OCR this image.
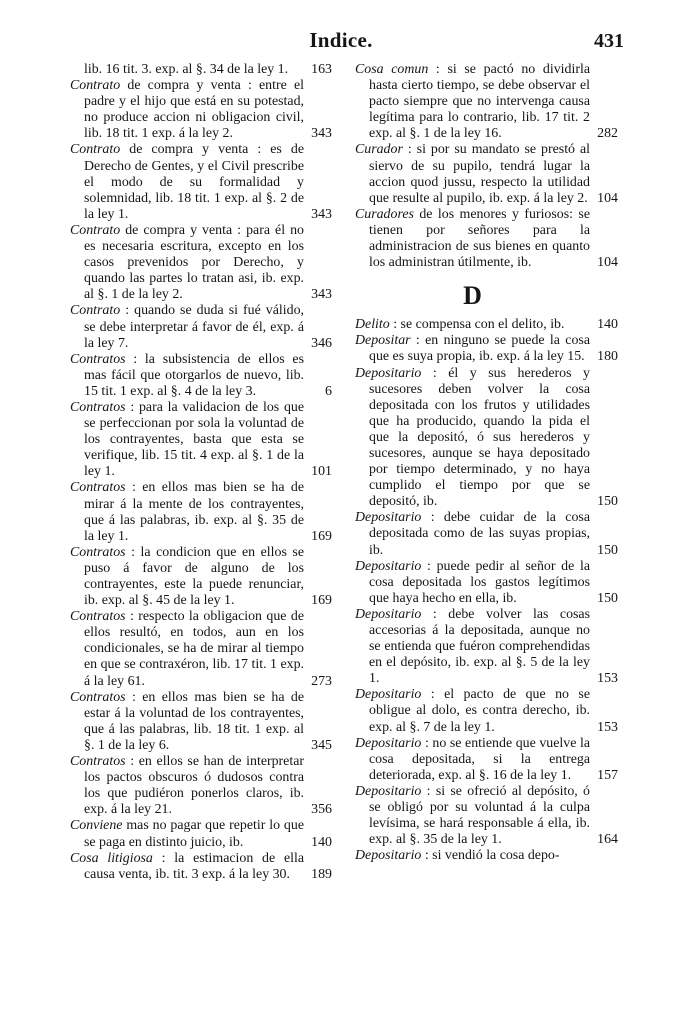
Indice.	431

lib. 16 tit. 3. exp. al §. 34 de la ley 1.	163

Contrato de compra y venta : entre el padre y el hijo que está en su potestad, no produce accion ni obligacion civil, lib. 18 tit. 1 exp. á la ley 2.	343

Contrato de compra y venta : es de Derecho de Gentes, y el Civil prescribe el modo de su formalidad y solemnidad, lib. 18 tit. 1 exp. al §. 2 de la ley 1.	343

Contrato de compra y venta : para él no es necesaria escritura, excepto en los casos prevenidos por Derecho, y quando las partes lo tratan asi, ib. exp. al §. 1 de la ley 2.	343

Contrato : quando se duda si fué válido, se debe interpretar á favor de él, exp. á la ley 7.	346

Contratos : la subsistencia de ellos es mas fácil que otorgarlos de nuevo, lib. 15 tit. 1 exp. al §. 4 de la ley 3.	6

Contratos : para la validacion de los que se perfeccionan por sola la voluntad de los contrayentes, basta que esta se verifique, lib. 15 tit. 4 exp. al §. 1 de la ley 1.	101

Contratos : en ellos mas bien se ha de mirar á la mente de los contrayentes, que á las palabras, ib. exp. al §. 35 de la ley 1.	169

Contratos : la condicion que en ellos se puso á favor de alguno de los contrayentes, este la puede renunciar, ib. exp. al §. 45 de la ley 1.	169

Contratos : respecto la obligacion que de ellos resultó, en todos, aun en los condicionales, se ha de mirar al tiempo en que se contraxéron, lib. 17 tit. 1 exp. á la ley 61.	273

Contratos : en ellos mas bien se ha de estar á la voluntad de los contrayentes, que á las palabras, lib. 18 tit. 1 exp. al §. 1 de la ley 6.	345

Contratos : en ellos se han de interpretar los pactos obscuros ó dudosos contra los que pudiéron ponerlos claros, ib. exp. á la ley 21.	356

Conviene mas no pagar que repetir lo que se paga en distinto juicio, ib.	140

Cosa litigiosa : la estimacion de ella causa venta, ib. tit. 3 exp. á la ley 30.	189

Cosa comun : si se pactó no dividirla hasta cierto tiempo, se debe observar el pacto siempre que no intervenga causa legítima para lo contrario, lib. 17 tit. 2 exp. al §. 1 de la ley 16.	282

Curador : si por su mandato se prestó al siervo de su pupilo, tendrá lugar la accion quod jussu, respecto la utilidad que resulte al pupilo, ib. exp. á la ley 2. 104

Curadores de los menores y furiosos: se tienen por señores para la administracion de sus bienes en quanto los administran útilmente, ib.	104

D

Delito : se compensa con el delito, ib.	140

Depositar : en ninguno se puede la cosa que es suya propia, ib. exp. á la ley 15. 180

Depositario : él y sus herederos y sucesores deben volver la cosa depositada con los frutos y utilidades que ha producido, quando la pida el que la depositó, ó sus herederos y sucesores, aunque se haya depositado por tiempo determinado, y no haya cumplido el tiempo por que se depositó, ib.	150

Depositario : debe cuidar de la cosa depositada como de las suyas propias, ib.	150

Depositario : puede pedir al señor de la cosa depositada los gastos legítimos que haya hecho en ella, ib.	150

Depositario : debe volver las cosas accesorias á la depositada, aunque no se entienda que fuéron comprehendidas en el depósito, ib. exp. al §. 5 de la ley 1.	153

Depositario : el pacto de que no se obligue al dolo, es contra derecho, ib. exp. al §. 7 de la ley 1.	153

Depositario : no se entiende que vuelve la cosa depositada, si la entrega deteriorada, exp. al §. 16 de la ley 1.	157

Depositario : si se ofreció al depósito, ó se obligó por su voluntad á la culpa levísima, se hará responsable á ella, ib. exp. al §. 35 de la ley 1.	164

Depositario : si vendió la cosa depo-
